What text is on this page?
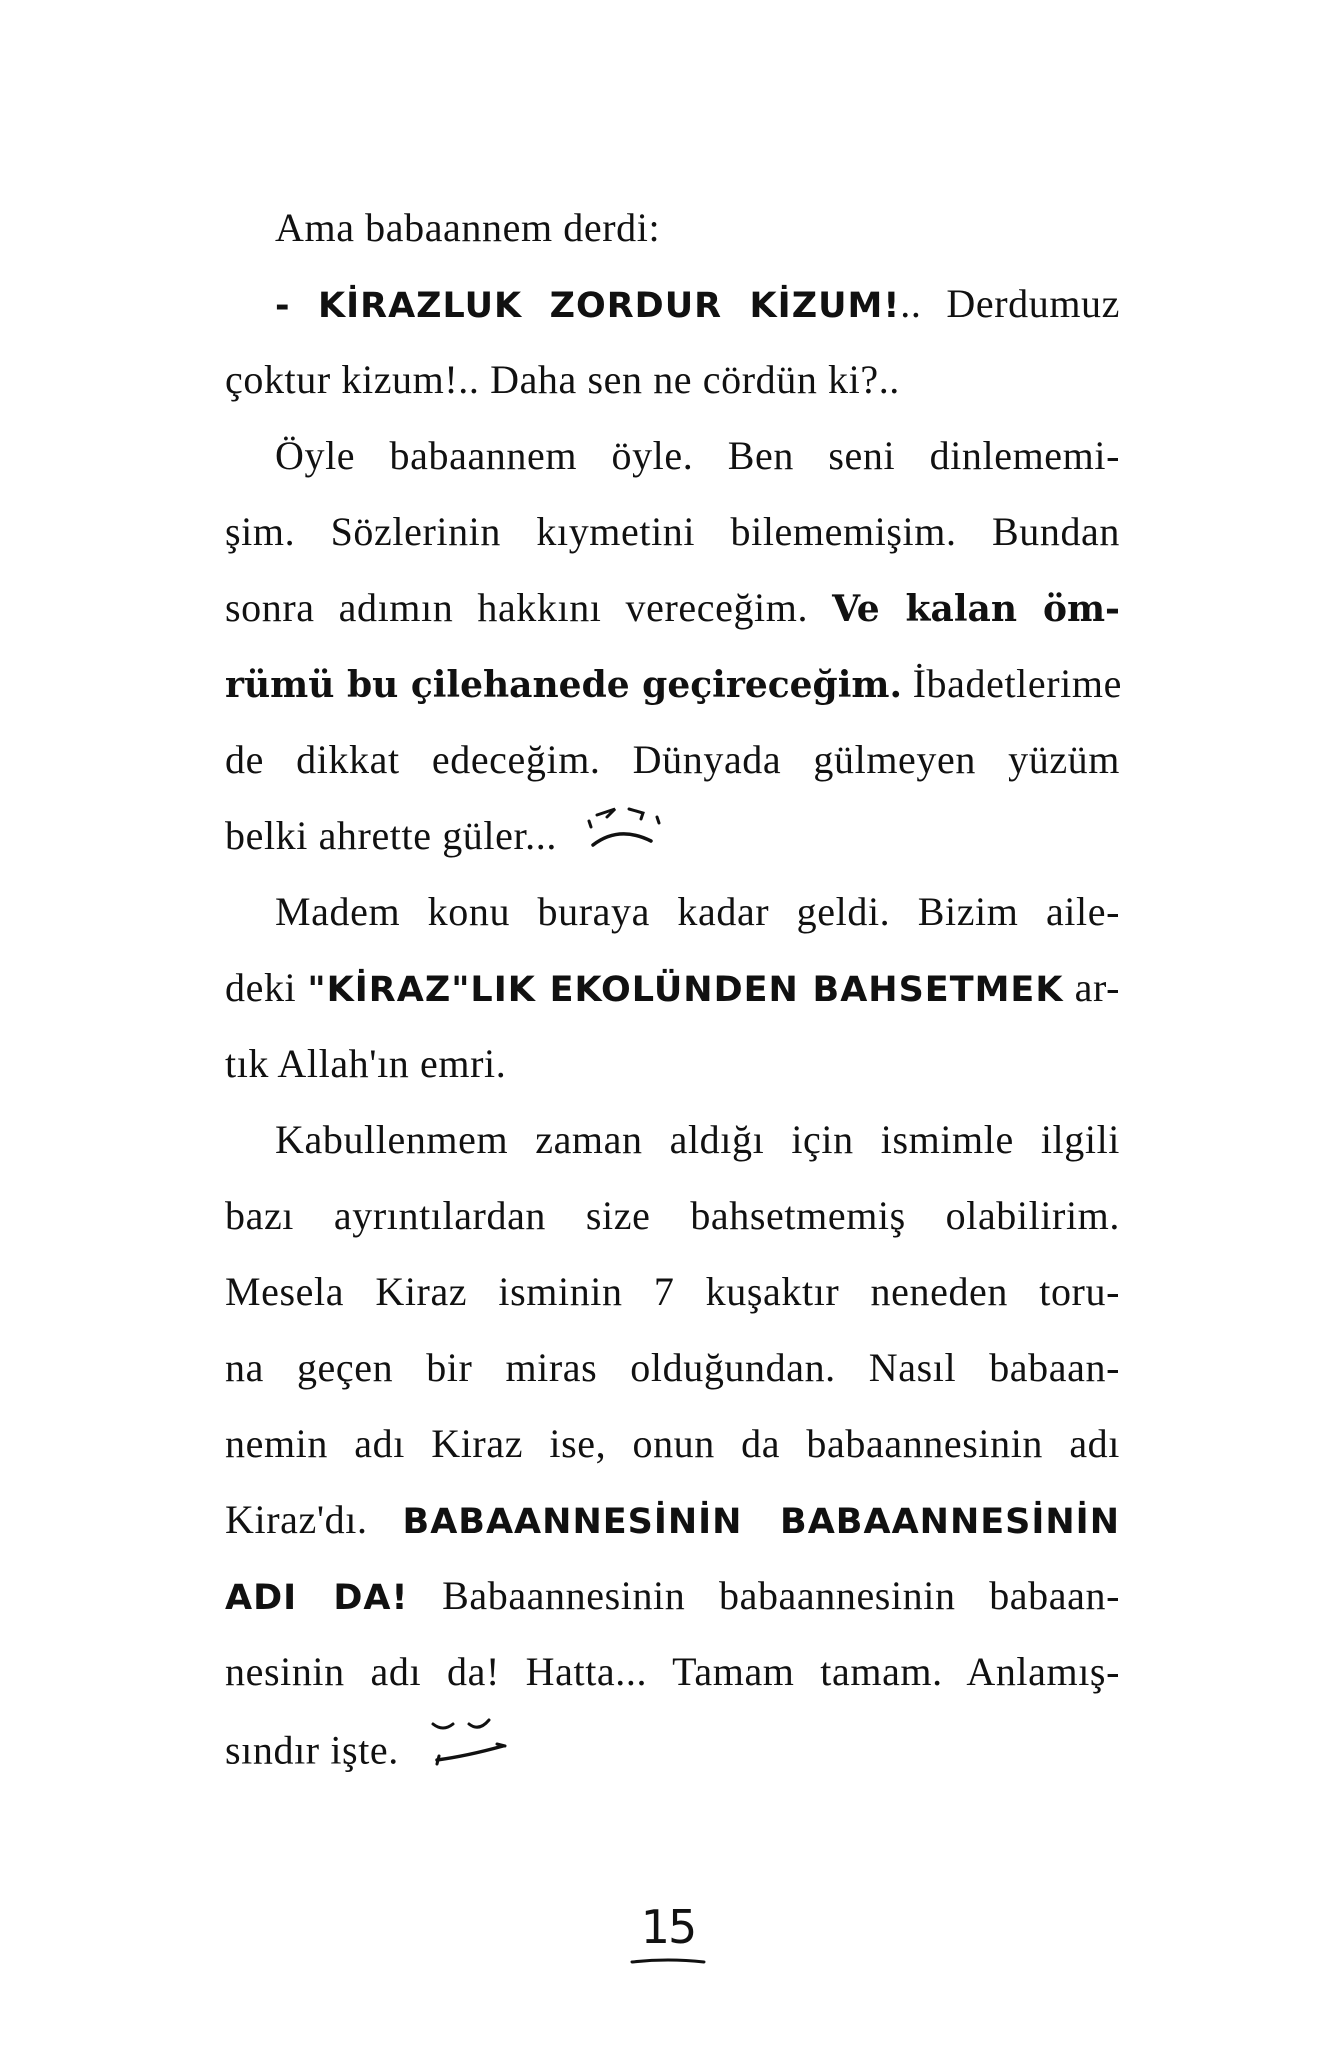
Ama babaannem derdi:
- KİRAZLUK ZORDUR KİZUM!.. Derdumuz
çoktur kizum!.. Daha sen ne cördün ki?..
Öyle babaannem öyle. Ben seni dinlememi-
şim. Sözlerinin kıymetini bilememişim. Bundan
sonra adımın hakkını vereceğim. Ve kalan öm-
rümü bu çilehanede geçireceğim. İbadetlerime
de dikkat edeceğim. Dünyada gülmeyen yüzüm
belki ahrette güler...
Madem konu buraya kadar geldi. Bizim aile-
deki "KİRAZ"LIK EKOLÜNDEN BAHSETMEK ar-
tık Allah'ın emri.
Kabullenmem zaman aldığı için ismimle ilgili
bazı ayrıntılardan size bahsetmemiş olabilirim.
Mesela Kiraz isminin 7 kuşaktır neneden toru-
na geçen bir miras olduğundan. Nasıl babaan-
nemin adı Kiraz ise, onun da babaannesinin adı
Kiraz'dı. BABAANNESİNİN BABAANNESİNİN
ADI DA! Babaannesinin babaannesinin babaan-
nesinin adı da! Hatta... Tamam tamam. Anlamış-
sındır işte.
15
